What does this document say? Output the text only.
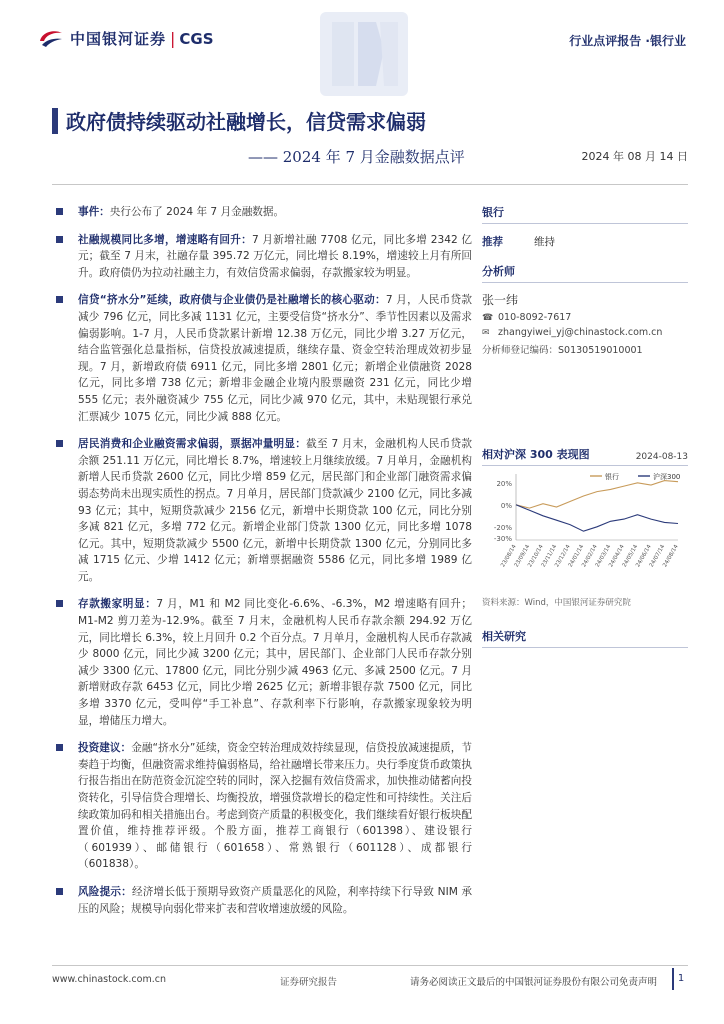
中国银河证券 | CGS	行业点评报告 ·银行业
政府债持续驱动社融增长，信贷需求偏弱
—— 2024 年 7 月金融数据点评	2024 年 08 月 14 日
事件：央行公布了 2024 年 7 月金融数据。
社融规模同比多增，增速略有回升：7 月新增社融 7708 亿元，同比多增 2342 亿元；截至 7 月末，社融存量 395.72 万亿元，同比增长 8.19%，增速较上月有所回升。政府债仍为拉动社融主力，有效信贷需求偏弱，存款搬家较为明显。
信贷“挤水分”延续，政府债与企业债仍是社融增长的核心驱动：7 月，人民币贷款减少 796 亿元，同比多减 1131 亿元，主要受信贷“挤水分”、季节性因素以及需求偏弱影响。1-7 月，人民币贷款累计新增 12.38 万亿元，同比少增 3.27 万亿元，结合监管强化总量指标，信贷投放减速提质，继续存量、资金空转治理成效初步显现。7 月，新增政府债 6911 亿元，同比多增 2801 亿元；新增企业债融资 2028 亿元，同比多增 738 亿元；新增非金融企业境内股票融资 231 亿元，同比少增 555 亿元；表外融资减少 755 亿元，同比少减 970 亿元，其中，未贴现银行承兑汇票减少 1075 亿元，同比少减 888 亿元。
居民消费和企业融资需求偏弱，票据冲量明显：截至 7 月末，金融机构人民币贷款余额 251.11 万亿元，同比增长 8.7%，增速较上月继续放缓。7 月单月，金融机构新增人民币贷款 2600 亿元，同比少增 859 亿元，居民部门和企业部门融资需求偏弱态势尚未出现实质性的拐点。7 月单月，居民部门贷款减少 2100 亿元，同比多减 93 亿元；其中，短期贷款减少 2156 亿元，新增中长期贷款 100 亿元，同比分别多减 821 亿元，多增 772 亿元。新增企业部门贷款 1300 亿元，同比多增 1078 亿元。其中，短期贷款减少 5500 亿元，新增中长期贷款 1300 亿元，分别同比多减 1715 亿元、少增 1412 亿元；新增票据融资 5586 亿元，同比多增 1989 亿元。
存款搬家明显：7 月，M1 和 M2 同比变化-6.6%、-6.3%，M2 增速略有回升；M1-M2 剪刀差为-12.9%。截至 7 月末，金融机构人民币存款余额 294.92 万亿元，同比增长 6.3%，较上月回升 0.2 个百分点。7 月单月，金融机构人民币存款减少 8000 亿元，同比少减 3200 亿元；其中，居民部门、企业部门人民币存款分别减少 3300 亿元、17800 亿元，同比分别少减 4963 亿元、多减 2500 亿元。7 月新增财政存款 6453 亿元，同比少增 2625 亿元；新增非银存款 7500 亿元，同比多增 3370 亿元，受叫停“手工补息”、存款利率下行影响，存款搬家现象较为明显，增储压力增大。
投资建议：金融“挤水分”延续，资金空转治理成效持续显现，信贷投放减速提质，节奏趋于均衡，但融资需求维持偏弱格局，给社融增长带来压力。央行季度货币政策执行报告指出在防范资金沉淀空转的同时，深入挖掘有效信贷需求，加快推动储蓄向投资转化，引导信贷合理增长、均衡投放，增强贷款增长的稳定性和可持续性。关注后续政策加码和相关措施出台。考虑到资产质量的积极变化，我们继续看好银行板块配置价值，维持推荐评级。个股方面，推荐工商银行（601398）、建设银行（601939）、邮储银行（601658）、常熟银行（601128）、成都银行（601838）。
风险提示：经济增长低于预期导致资产质量恶化的风险，利率持续下行导致 NIM 承压的风险；规模导向弱化带来扩表和营收增速放缓的风险。
银行
推荐	维持
分析师
张一纬
☎ 010-8092-7617
✉ zhangyiwei_yj@chinastock.com.cn
分析师登记编码：S0130519010001
相对沪深 300 表现图	2024-08-13
20%
0%
-20%
-30%
23/08/14
23/09/14
23/10/14
23/11/14
23/12/14
24/01/14
24/02/14
24/03/14
24/04/14
24/05/14
24/06/14
24/07/14
24/08/14
银行	沪深300
资料来源：Wind，中国银河证券研究院
相关研究
www.chinastock.com.cn	证券研究报告	请务必阅读正文最后的中国银河证券股份有限公司免责声明	1
